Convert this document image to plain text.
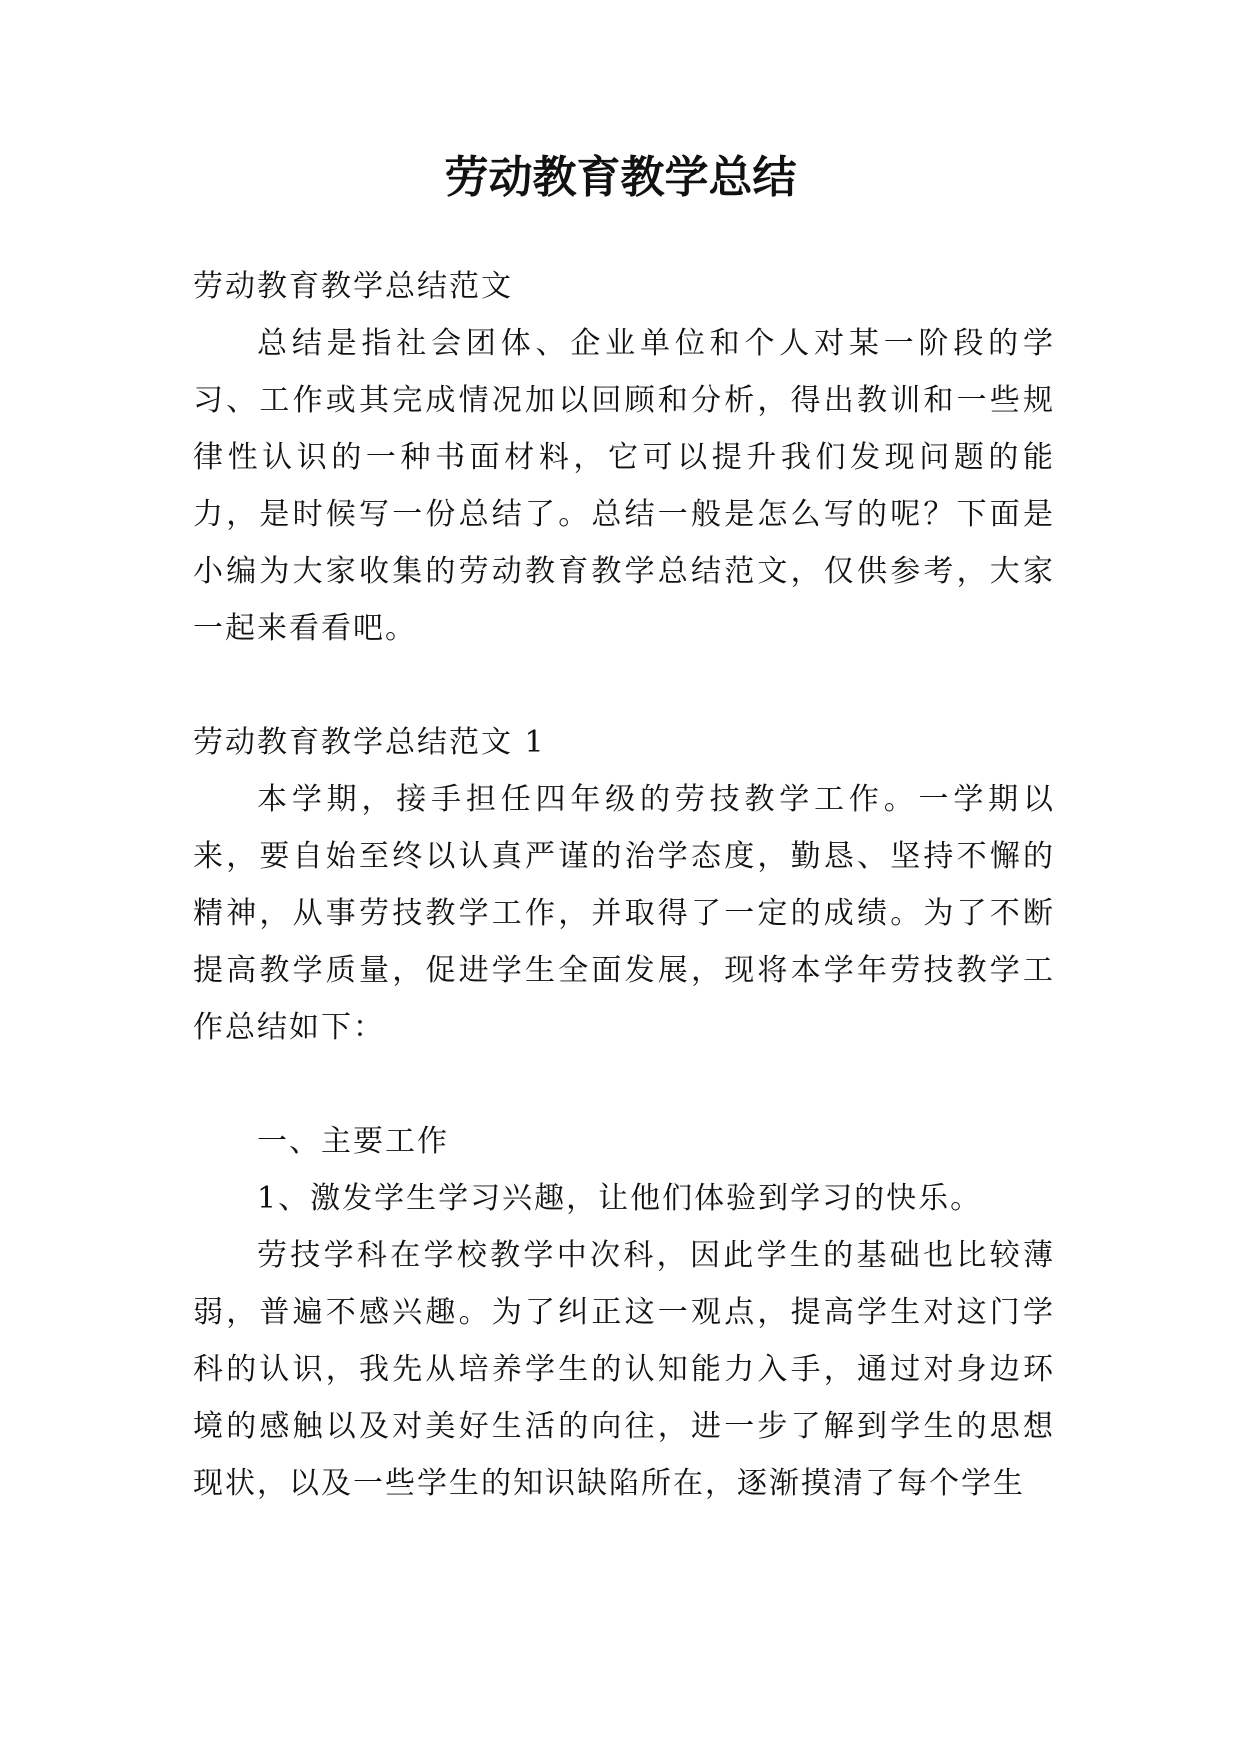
劳动教育教学总结

劳动教育教学总结范文

总结是指社会团体、企业单位和个人对某一阶段的学习、工作或其完成情况加以回顾和分析，得出教训和一些规律性认识的一种书面材料，它可以提升我们发现问题的能力，是时候写一份总结了。总结一般是怎么写的呢？下面是小编为大家收集的劳动教育教学总结范文，仅供参考，大家一起来看看吧。

劳动教育教学总结范文 1

本学期，接手担任四年级的劳技教学工作。一学期以来，要自始至终以认真严谨的治学态度，勤恳、坚持不懈的精神，从事劳技教学工作，并取得了一定的成绩。为了不断提高教学质量，促进学生全面发展，现将本学年劳技教学工作总结如下：

一、主要工作

1、激发学生学习兴趣，让他们体验到学习的快乐。

劳技学科在学校教学中次科，因此学生的基础也比较薄弱，普遍不感兴趣。为了纠正这一观点，提高学生对这门学科的认识，我先从培养学生的认知能力入手，通过对身边环境的感触以及对美好生活的向往，进一步了解到学生的思想现状，以及一些学生的知识缺陷所在，逐渐摸清了每个学生
